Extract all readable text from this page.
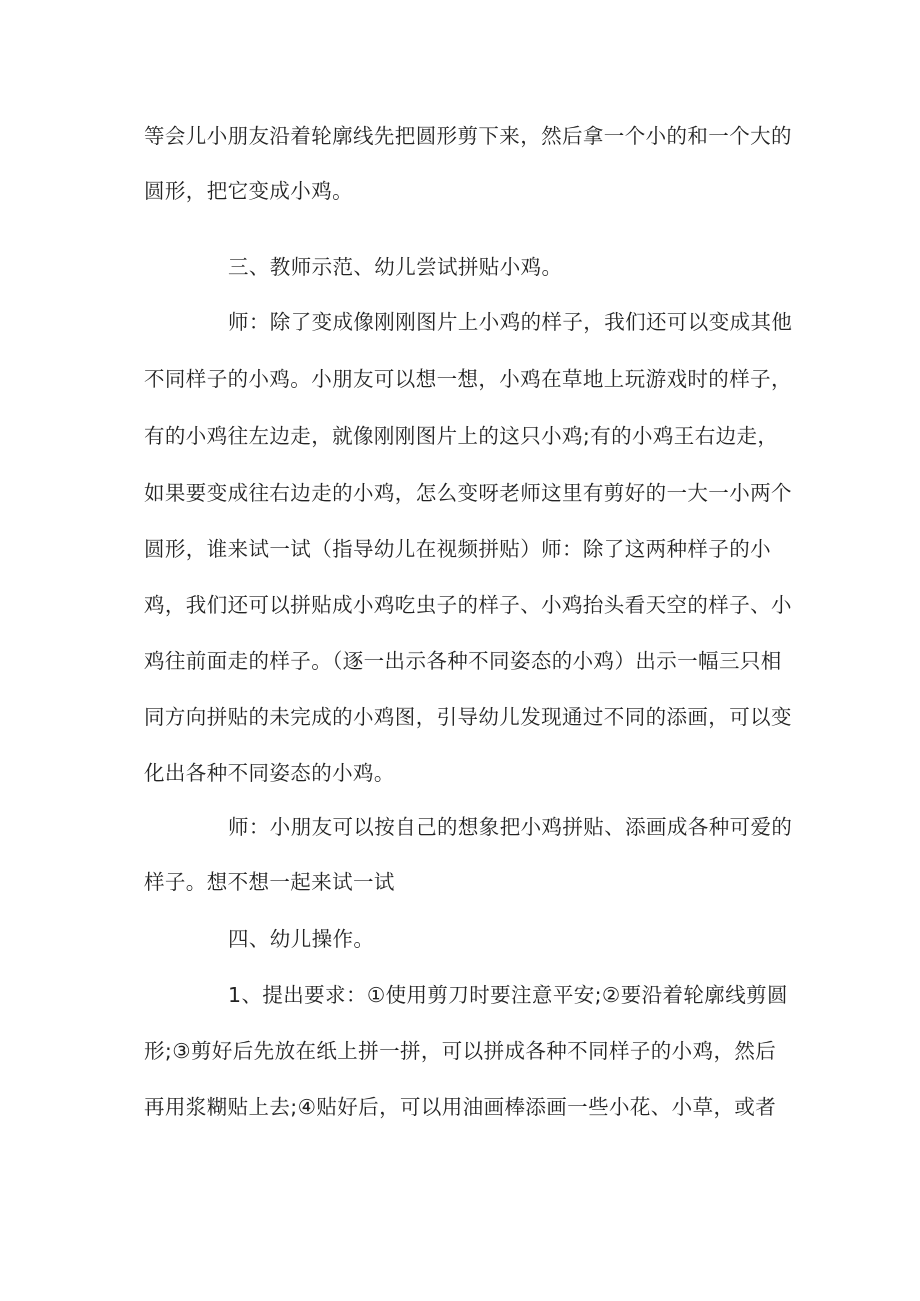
等会儿小朋友沿着轮廓线先把圆形剪下来，然后拿一个小的和一个大的
圆形，把它变成小鸡。
三、教师示范、幼儿尝试拼贴小鸡。
师：除了变成像刚刚图片上小鸡的样子，我们还可以变成其他
不同样子的小鸡。小朋友可以想一想，小鸡在草地上玩游戏时的样子，
有的小鸡往左边走，就像刚刚图片上的这只小鸡;有的小鸡王右边走，
如果要变成往右边走的小鸡，怎么变呀老师这里有剪好的一大一小两个
圆形，谁来试一试（指导幼儿在视频拼贴）师：除了这两种样子的小
鸡，我们还可以拼贴成小鸡吃虫子的样子、小鸡抬头看天空的样子、小
鸡往前面走的样子。（逐一出示各种不同姿态的小鸡）出示一幅三只相
同方向拼贴的未完成的小鸡图，引导幼儿发现通过不同的添画，可以变
化出各种不同姿态的小鸡。
师：小朋友可以按自己的想象把小鸡拼贴、添画成各种可爱的
样子。想不想一起来试一试
四、幼儿操作。
1、提出要求：①使用剪刀时要注意平安;②要沿着轮廓线剪圆
形;③剪好后先放在纸上拼一拼，可以拼成各种不同样子的小鸡，然后
再用浆糊贴上去;④贴好后，可以用油画棒添画一些小花、小草，或者
